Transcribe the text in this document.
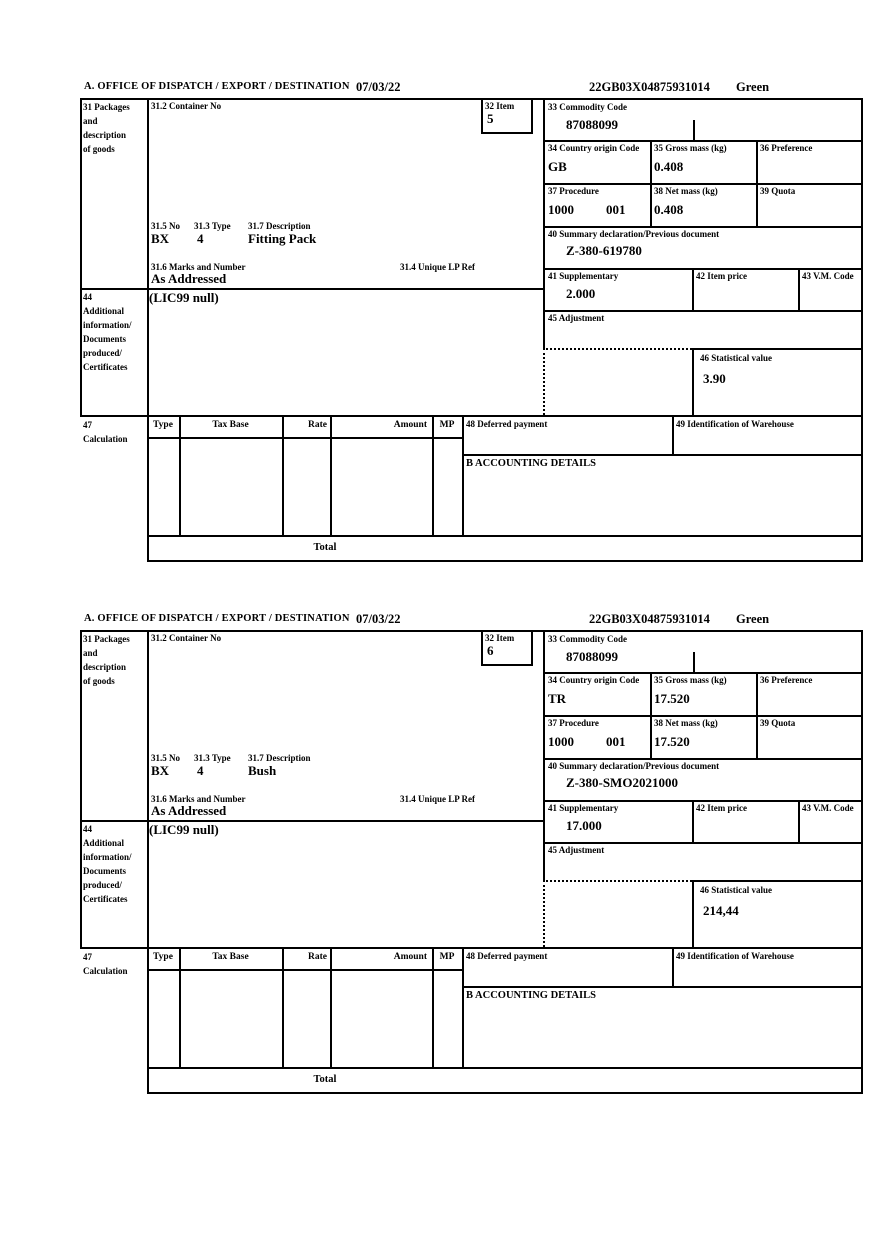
A. OFFICE OF DISPATCH / EXPORT / DESTINATION 07/03/22	22GB03X04875931014 Green
31 Packages
and
description
of goods
31.2 Container No	32 Item
5
31.5 No 31.3 Type 31.7 Description
BX 4	Fitting Pack
31.6 Marks and Number	31.4 Unique LP Ref
As Addressed
44
Additional
information/
Documents
produced/
Certificates
(LIC99 null)
33 Commodity Code
87088099
34 Country origin Code
GB
35 Gross mass (kg)
0.408
36 Preference
37 Procedure
1000 001
38 Net mass (kg)
0.408
39 Quota
40 Summary declaration/Previous document
Z-380-619780
41 Supplementary
2.000
42 Item price	43 V.M. Code
45 Adjustment
46 Statistical value
3.90
47
Calculation
Type	Tax Base	Rate	Amount	MP
Total
48 Deferred payment	49 Identification of Warehouse
B ACCOUNTING DETAILS
A. OFFICE OF DISPATCH / EXPORT / DESTINATION 07/03/22	22GB03X04875931014 Green
31 Packages
and
description
of goods
31.2 Container No	32 Item
6
31.5 No 31.3 Type 31.7 Description
BX 4	Bush
31.6 Marks and Number	31.4 Unique LP Ref
As Addressed
44
Additional
information/
Documents
produced/
Certificates
(LIC99 null)
33 Commodity Code
87088099
34 Country origin Code
TR
35 Gross mass (kg)
17.520
36 Preference
37 Procedure
1000 001
38 Net mass (kg)
17.520
39 Quota
40 Summary declaration/Previous document
Z-380-SMO2021000
41 Supplementary
17.000
42 Item price	43 V.M. Code
45 Adjustment
46 Statistical value
214,44
47
Calculation
Type	Tax Base	Rate	Amount	MP
Total
48 Deferred payment	49 Identification of Warehouse
B ACCOUNTING DETAILS
